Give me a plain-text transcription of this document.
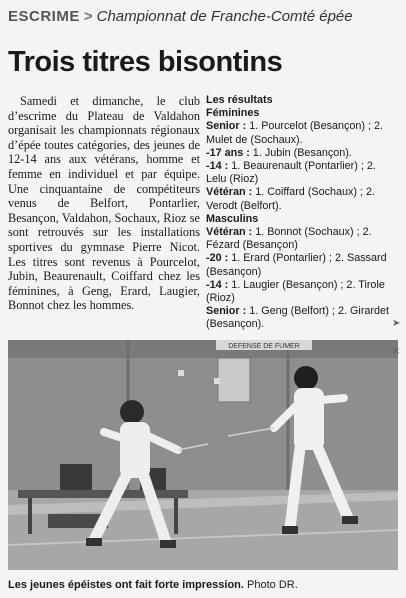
ESCRIME > Championnat de Franche-Comté épée
Trois titres bisontins

Samedi et dimanche, le club d’escrime du Plateau de Valdahon organisait les championnats régionaux d’épée toutes catégories, des jeunes de 12-14 ans aux vétérans, homme et femme en individuel et par équipe. Une cinquantaine de compétiteurs venus de Belfort, Pontarlier, Besançon, Valdahon, Sochaux, Rioz se sont retrouvés sur les installations sportives du gymnase Pierre Nicot. Les titres sont revenus à Pourcelot, Jubin, Beaurenault, Coiffard chez les féminines, à Geng, Erard, Laugier, Bonnot chez les hommes.

Les résultats

Féminines

Senior : 1. Pourcelot (Besançon) ; 2. Mulet de (Sochaux).

-17 ans : 1. Jubin (Besançon).

-14 : 1. Beaurenault (Pontarlier) ; 2. Lelu (Rioz)

Vétéran : 1. Coiffard (Sochaux) ; 2. Verodt (Belfort).

Masculins

Vétéran : 1. Bonnot (Sochaux) ; 2. Fézard (Besançon)

-20 : 1. Erard (Pontarlier) ; 2. Sassard (Besançon)

-14 : 1. Laugier (Besançon) ; 2. Tirole (Rioz)

Senior : 1. Geng (Belfort) ; 2. Girardet (Besançon).

DEFENSE DE FUMER
Les jeunes épéistes ont fait forte impression. Photo DR.
➤
×
